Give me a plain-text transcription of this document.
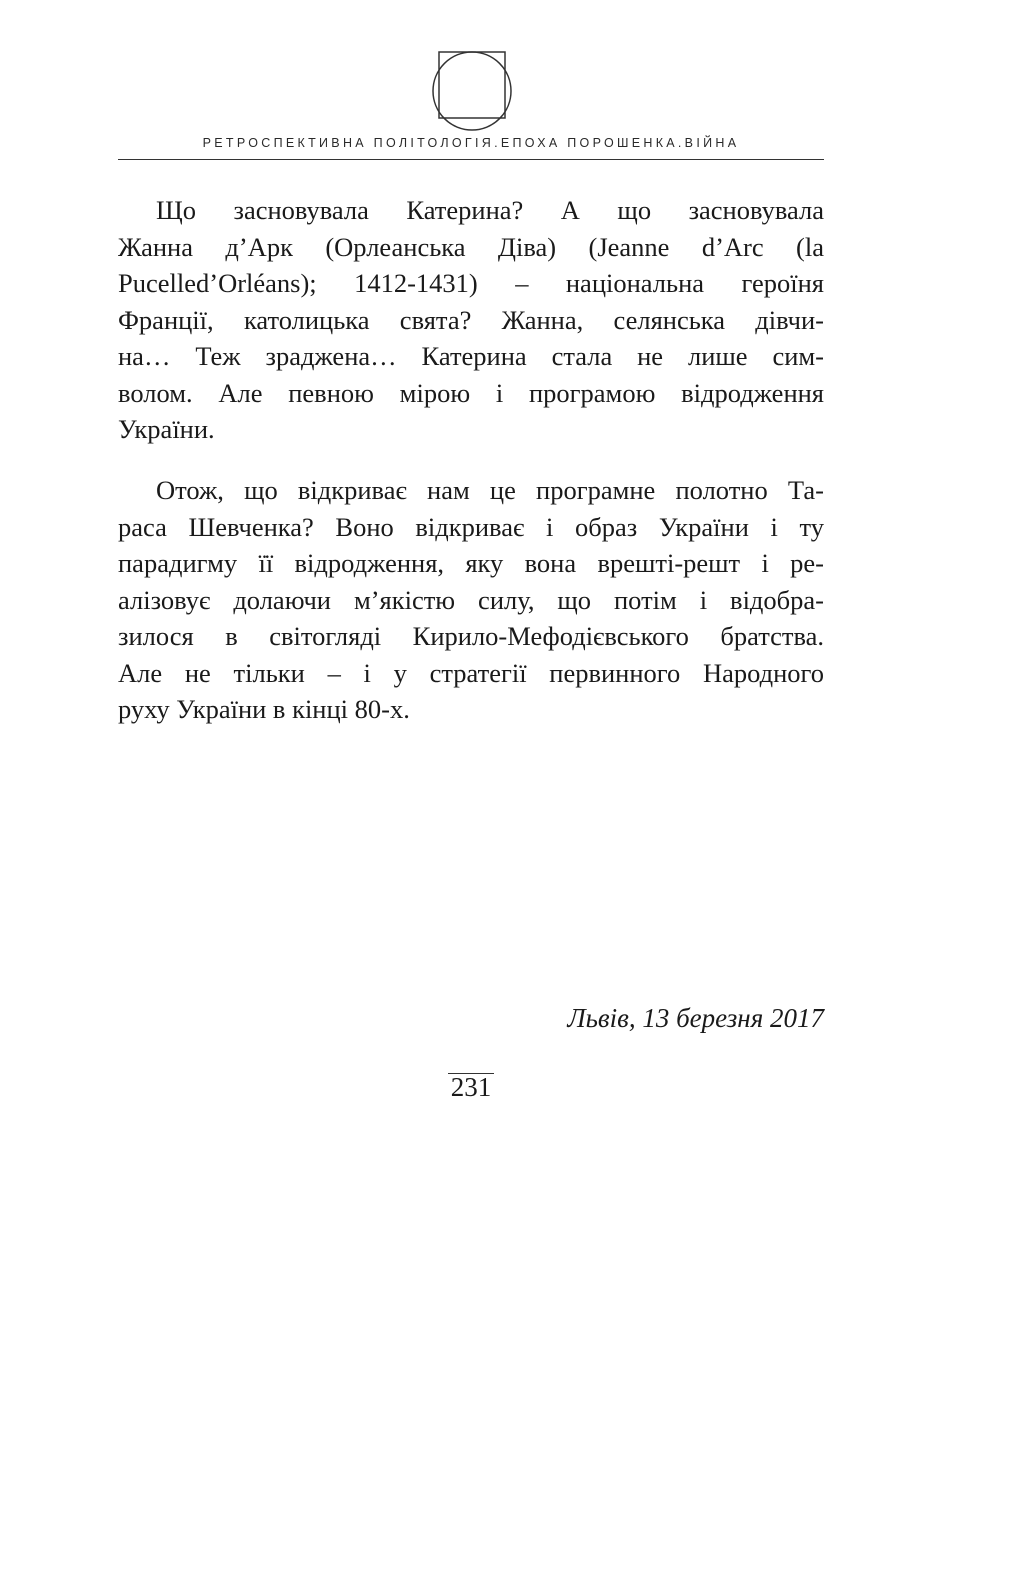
РЕТРОСПЕКТИВНА ПОЛІТОЛОГІЯ.ЕПОХА ПОРОШЕНКА.ВІЙНА
Що засновувала Катерина? А що засновувала
Жанна д’Арк (Орлеанська Діва) (Jeanne d’Arc (la
Pucelled’Orléans); 1412-1431) – національна героїня
Франції, католицька свята? Жанна, селянська дівчи-
на… Теж зраджена… Катерина стала не лише сим-
волом. Але певною мірою і програмою відродження
України.
Отож, що відкриває нам це програмне полотно Та-
раса Шевченка? Воно відкриває і образ України і ту
парадигму її відродження, яку вона врешті-решт і ре-
алізовує долаючи м’якістю силу, що потім і відобра-
зилося в світогляді Кирило-Мефодієвського братства.
Але не тільки – і у стратегії первинного Народного
руху України в кінці 80-х.
Львів, 13 березня 2017
231
